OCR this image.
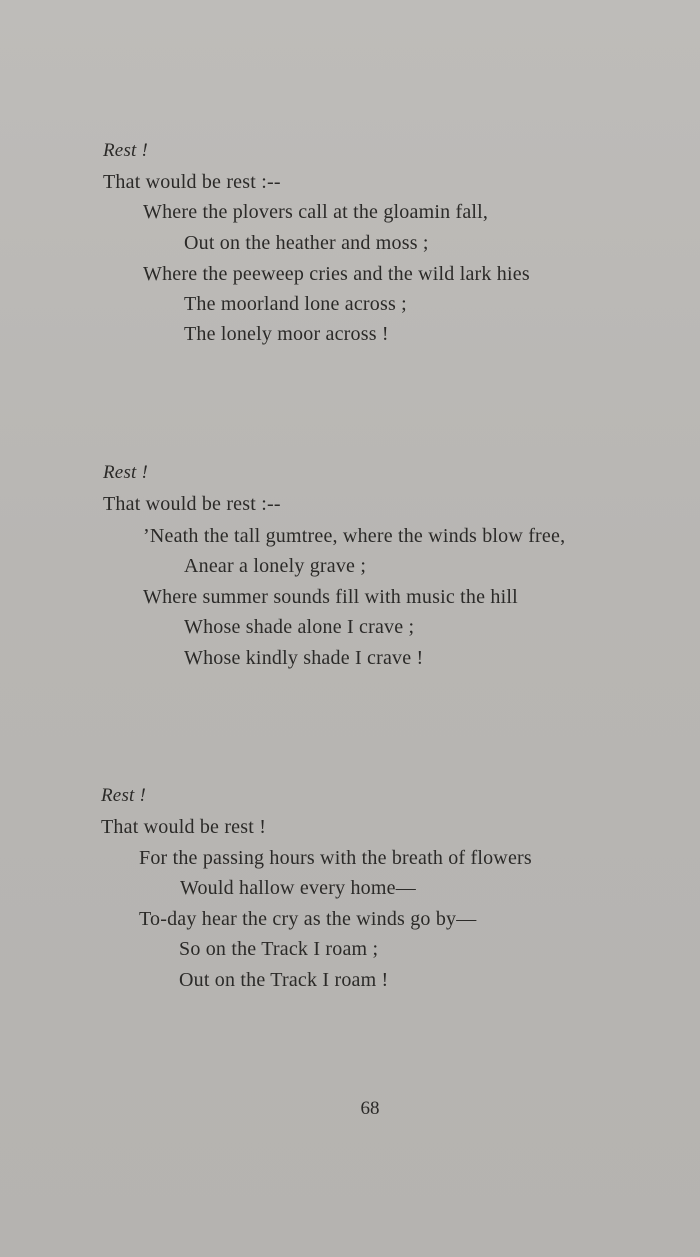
Rest !
That would be rest :--
Where the plovers call at the gloamin fall,
Out on the heather and moss ;
Where the peeweep cries and the wild lark hies
The moorland lone across ;
The lonely moor across !
Rest !
That would be rest :--
’Neath the tall gumtree, where the winds blow free,
Anear a lonely grave ;
Where summer sounds fill with music the hill
Whose shade alone I crave ;
Whose kindly shade I crave !
Rest !
That would be rest !
For the passing hours with the breath of flowers
Would hallow every home—
To-day hear the cry as the winds go by—
So on the Track I roam ;
Out on the Track I roam !
68
